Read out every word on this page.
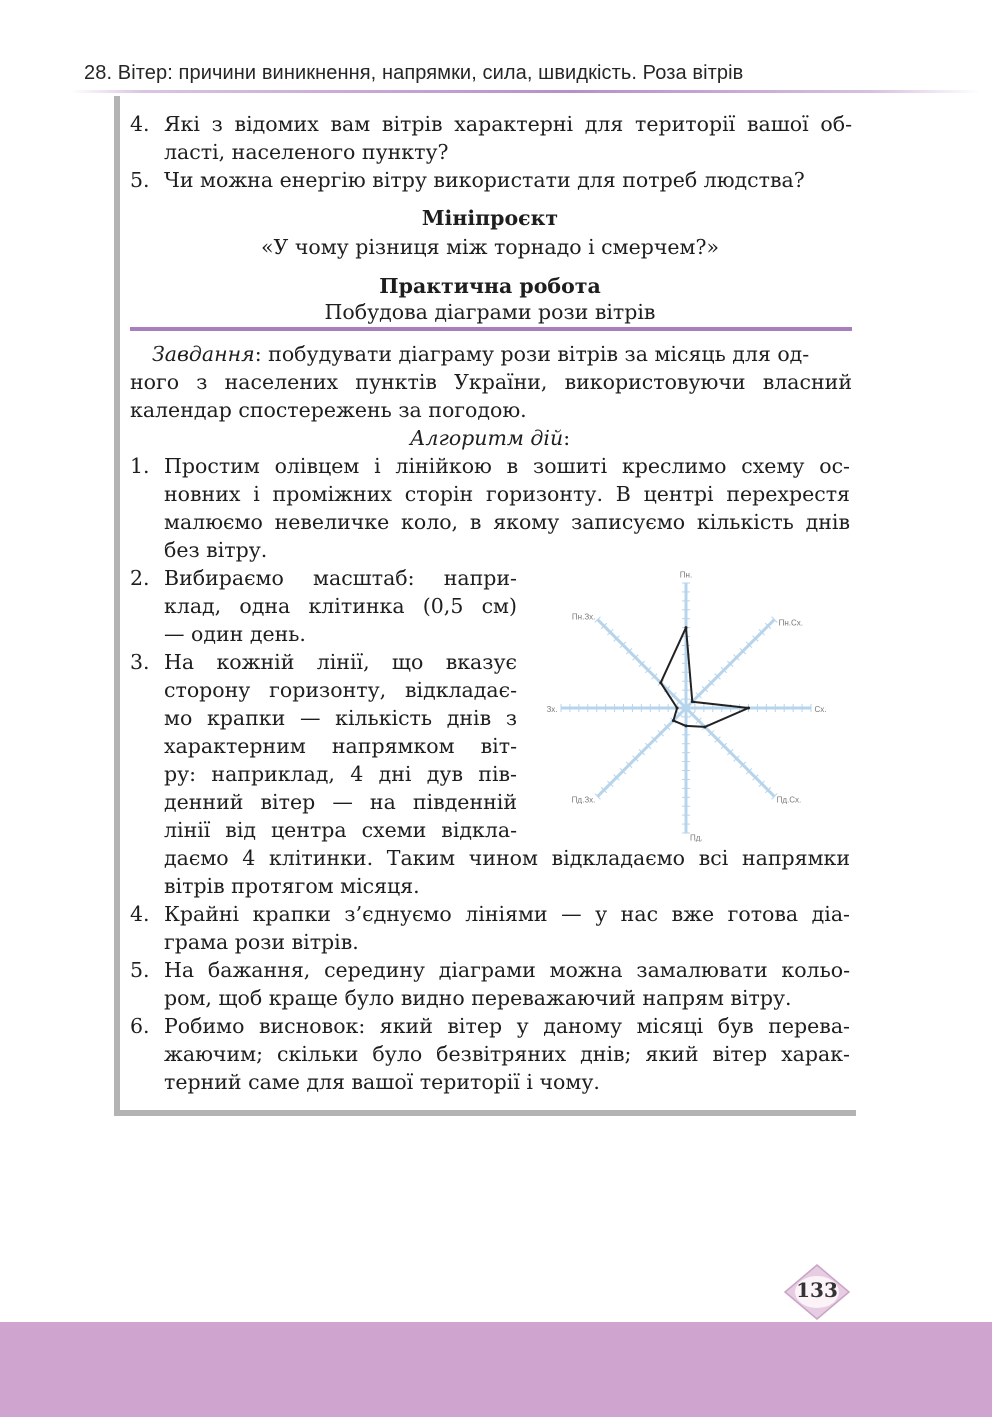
28. Вітер: причини виникнення, напрямки, сила, швидкість. Роза вітрів
4. Які з відомих вам вітрів характерні для території вашої об-
ласті, населеного пункту?
5. Чи можна енергію вітру використати для потреб людства?
Мініпроєкт
«У чому різниця між торнадо і смерчем?»
Практична робота
Побудова діаграми рози вітрів
Завдання: побудувати діаграму рози вітрів за місяць для од-
ного з населених пунктів України, використовуючи власний
календар спостережень за погодою.
Алгоритм дій:
1. Простим олівцем і лінійкою в зошиті креслимо схему ос-
новних і проміжних сторін горизонту. В центрі перехрестя
малюємо невеличке коло, в якому записуємо кількість днів
без вітру.
2. Вибираємо масштаб: напри-
клад, одна клітинка (0,5 см)
— один день.
3. На кожній лінії, що вказує
сторону горизонту, відкладає-
мо крапки — кількість днів з
характерним напрямком віт-
ру: наприклад, 4 дні дув пів-
денний вітер — на південній
лінії від центра схеми відкла-
даємо 4 клітинки. Таким чином відкладаємо всі напрямки
вітрів протягом місяця.
4. Крайні крапки з’єднуємо лініями — у нас вже готова діа-
грама рози вітрів.
5. На бажання, середину діаграми можна замалювати кольо-
ром, щоб краще було видно переважаючий напрям вітру.
6. Робимо висновок: який вітер у даному місяці був перева-
жаючим; скільки було безвітряних днів; який вітер харак-
терний саме для вашої території і чому.
Пн.
Пн.Сх.
Сх.
Пд.Сх.
Пд.
Пд.Зх.
Зх.
Пн.Зх.
133
